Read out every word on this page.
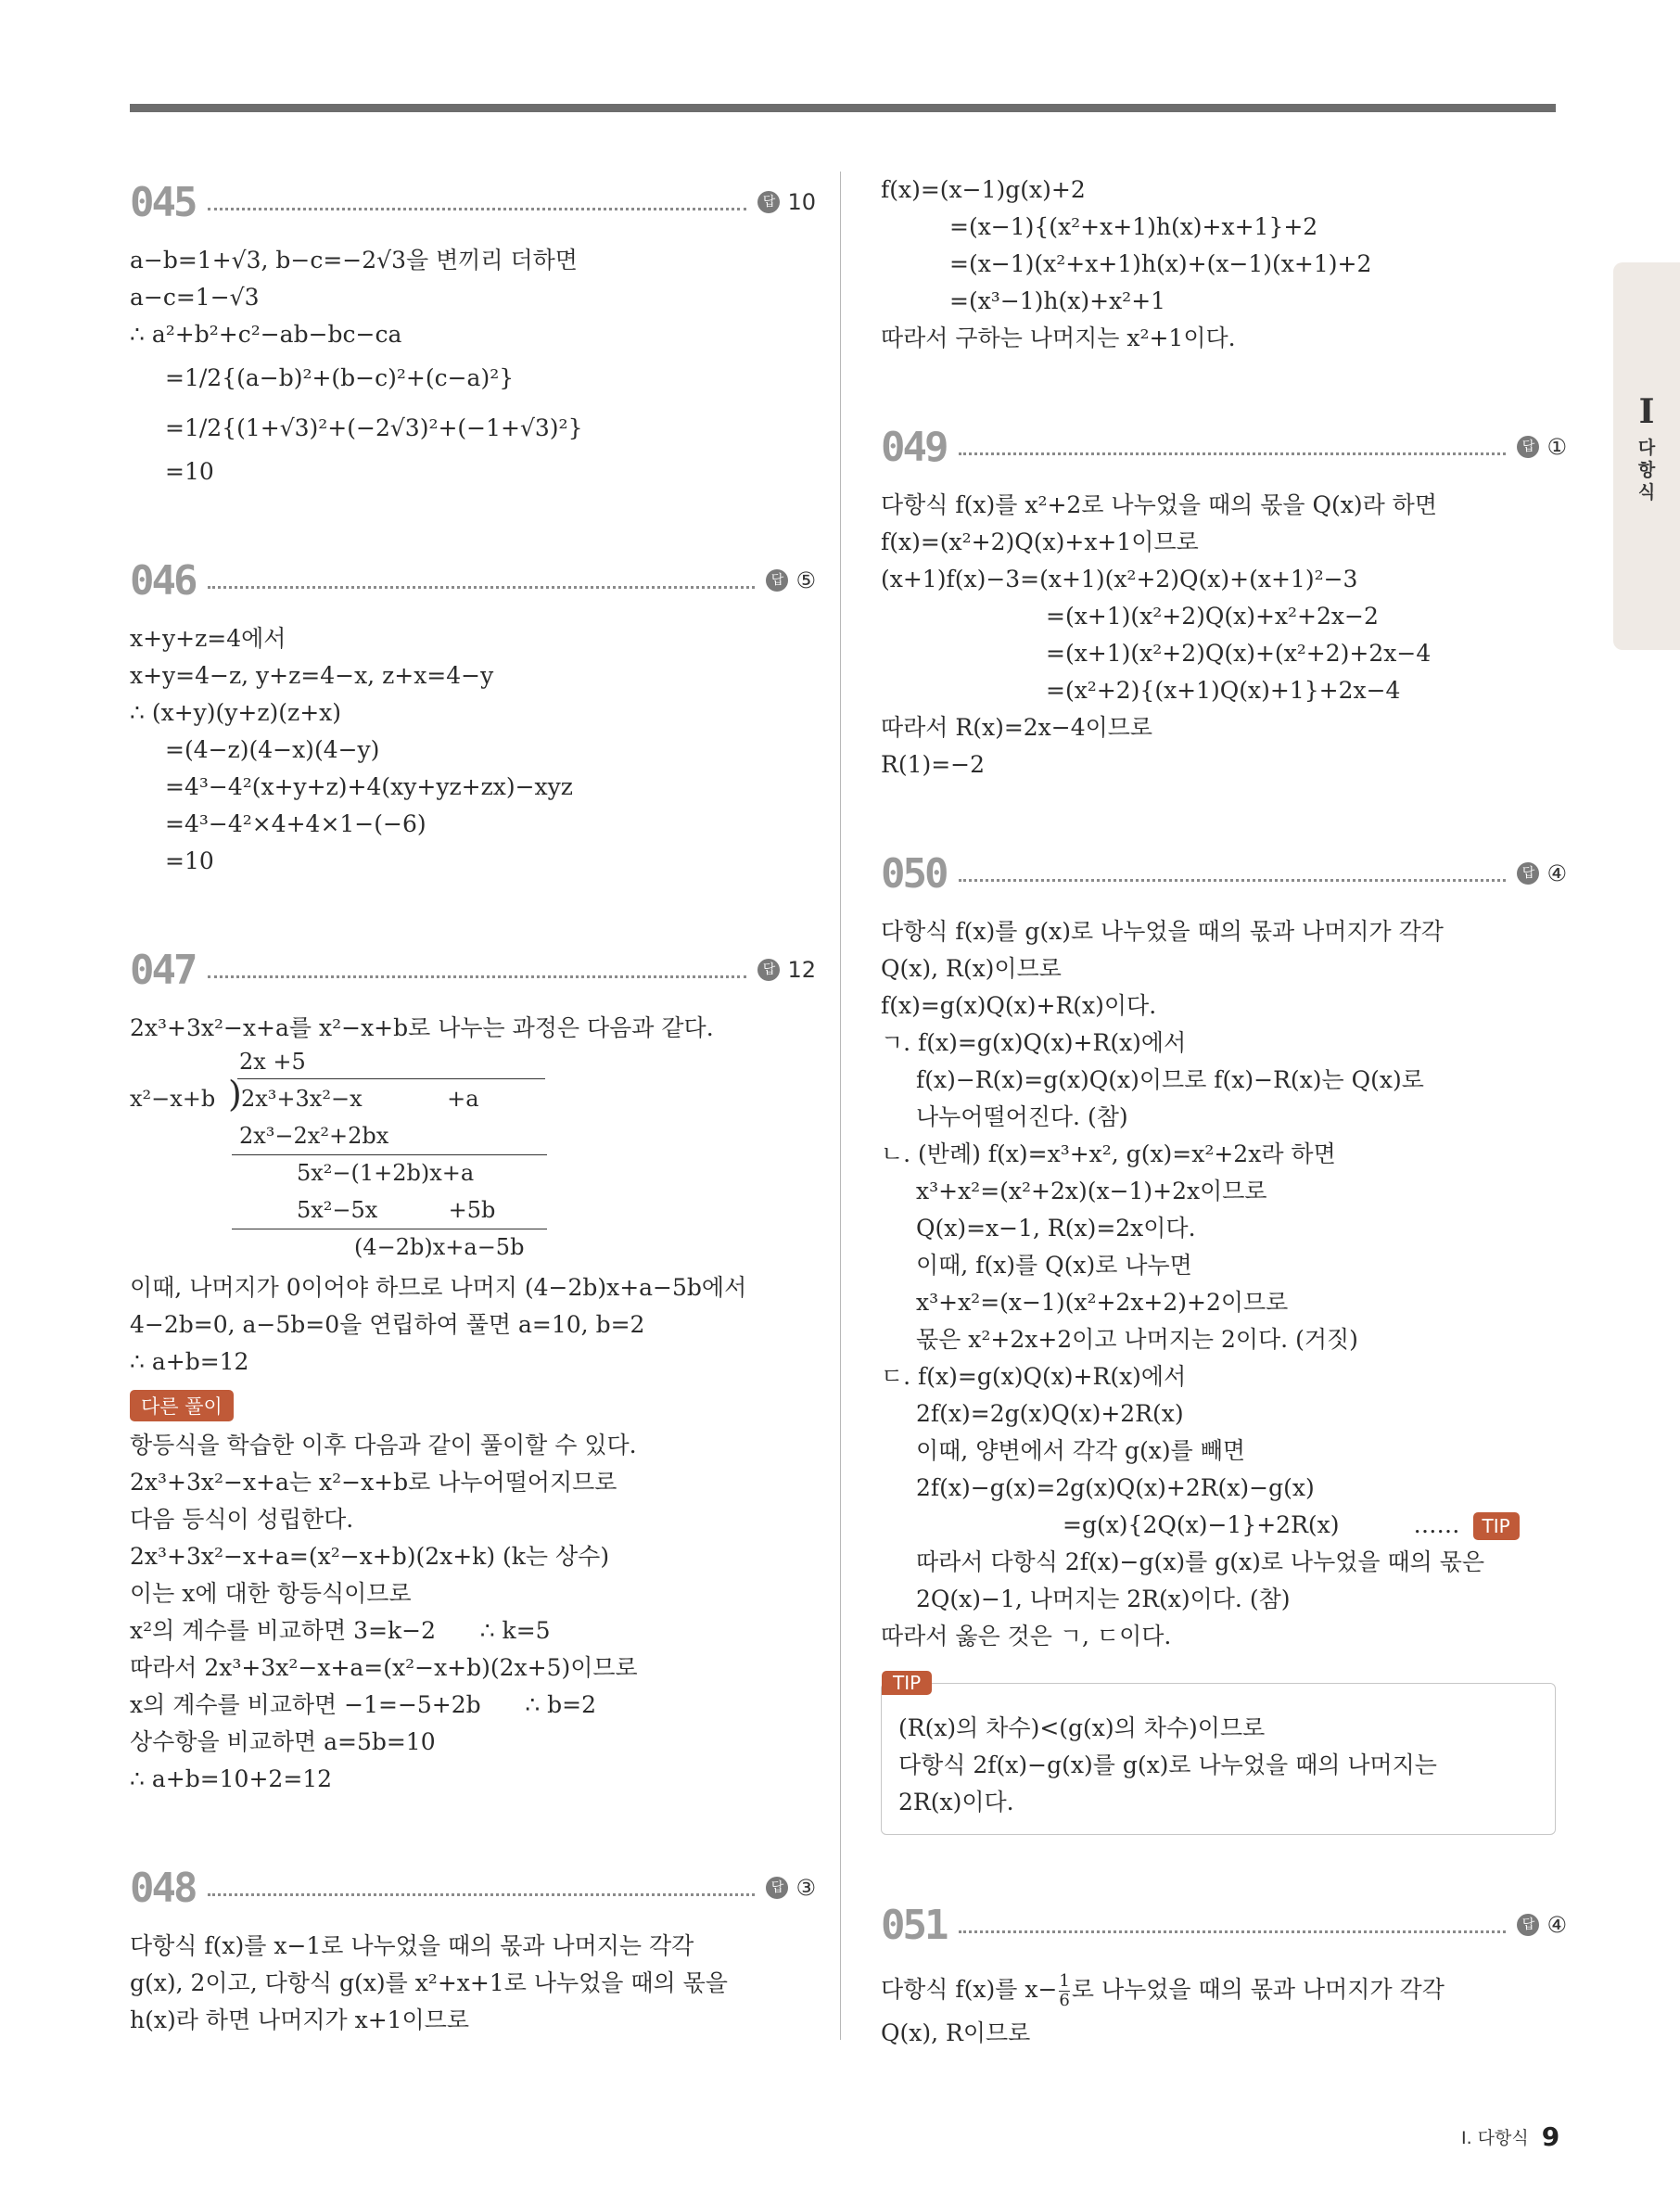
045	답 10
a−b=1+√3, b−c=−2√3을 변끼리 더하면
a−c=1−√3
∴ a²+b²+c²−ab−bc−ca
=1/2{(a−b)²+(b−c)²+(c−a)²}
=1/2{(1+√3)²+(−2√3)²+(−1+√3)²}
=10
046	답 ⑤
x+y+z=4에서
x+y=4−z, y+z=4−x, z+x=4−y
∴ (x+y)(y+z)(z+x)
=(4−z)(4−x)(4−y)
=4³−4²(x+y+z)+4(xy+yz+zx)−xyz
=4³−4²×4+4×1−(−6)
=10
047	답 12
2x³+3x²−x+a를 x²−x+b로 나누는 과정은 다음과 같다.
2x +5
x²−x+b ) 2x³+3x²−x            +a
2x³−2x²+2bx
5x²−(1+2b)x+a
5x²−5x          +5b
(4−2b)x+a−5b
이때, 나머지가 0이어야 하므로 나머지 (4−2b)x+a−5b에서
4−2b=0, a−5b=0을 연립하여 풀면 a=10, b=2
∴ a+b=12
다른 풀이
항등식을 학습한 이후 다음과 같이 풀이할 수 있다.
2x³+3x²−x+a는 x²−x+b로 나누어떨어지므로
다음 등식이 성립한다.
2x³+3x²−x+a=(x²−x+b)(2x+k) (k는 상수)
이는 x에 대한 항등식이므로
x²의 계수를 비교하면 3=k−2      ∴ k=5
따라서 2x³+3x²−x+a=(x²−x+b)(2x+5)이므로
x의 계수를 비교하면 −1=−5+2b      ∴ b=2
상수항을 비교하면 a=5b=10
∴ a+b=10+2=12
048	답 ③
다항식 f(x)를 x−1로 나누었을 때의 몫과 나머지는 각각
g(x), 2이고, 다항식 g(x)를 x²+x+1로 나누었을 때의 몫을
h(x)라 하면 나머지가 x+1이므로
f(x)=(x−1)g(x)+2
=(x−1){(x²+x+1)h(x)+x+1}+2
=(x−1)(x²+x+1)h(x)+(x−1)(x+1)+2
=(x³−1)h(x)+x²+1
따라서 구하는 나머지는 x²+1이다.
049	답 ①
다항식 f(x)를 x²+2로 나누었을 때의 몫을 Q(x)라 하면
f(x)=(x²+2)Q(x)+x+1이므로
(x+1)f(x)−3=(x+1)(x²+2)Q(x)+(x+1)²−3
=(x+1)(x²+2)Q(x)+x²+2x−2
=(x+1)(x²+2)Q(x)+(x²+2)+2x−4
=(x²+2){(x+1)Q(x)+1}+2x−4
따라서 R(x)=2x−4이므로
R(1)=−2
050	답 ④
다항식 f(x)를 g(x)로 나누었을 때의 몫과 나머지가 각각
Q(x), R(x)이므로
f(x)=g(x)Q(x)+R(x)이다.
ㄱ. f(x)=g(x)Q(x)+R(x)에서
f(x)−R(x)=g(x)Q(x)이므로 f(x)−R(x)는 Q(x)로
나누어떨어진다. (참)
ㄴ. (반례) f(x)=x³+x², g(x)=x²+2x라 하면
x³+x²=(x²+2x)(x−1)+2x이므로
Q(x)=x−1, R(x)=2x이다.
이때, f(x)를 Q(x)로 나누면
x³+x²=(x−1)(x²+2x+2)+2이므로
몫은 x²+2x+2이고 나머지는 2이다. (거짓)
ㄷ. f(x)=g(x)Q(x)+R(x)에서
2f(x)=2g(x)Q(x)+2R(x)
이때, 양변에서 각각 g(x)를 빼면
2f(x)−g(x)=2g(x)Q(x)+2R(x)−g(x)
=g(x){2Q(x)−1}+2R(x)	…… TIP
따라서 다항식 2f(x)−g(x)를 g(x)로 나누었을 때의 몫은
2Q(x)−1, 나머지는 2R(x)이다. (참)
따라서 옳은 것은 ㄱ, ㄷ이다.
TIP
(R(x)의 차수)<(g(x)의 차수)이므로
다항식 2f(x)−g(x)를 g(x)로 나누었을 때의 나머지는
2R(x)이다.
051	답 ④
다항식 f(x)를 $x- \frac{1}{6}$ 로 나누었을 때의 몫과 나머지가 각각
Q(x), R이므로
I
다
항
식
I. 다항식 9
